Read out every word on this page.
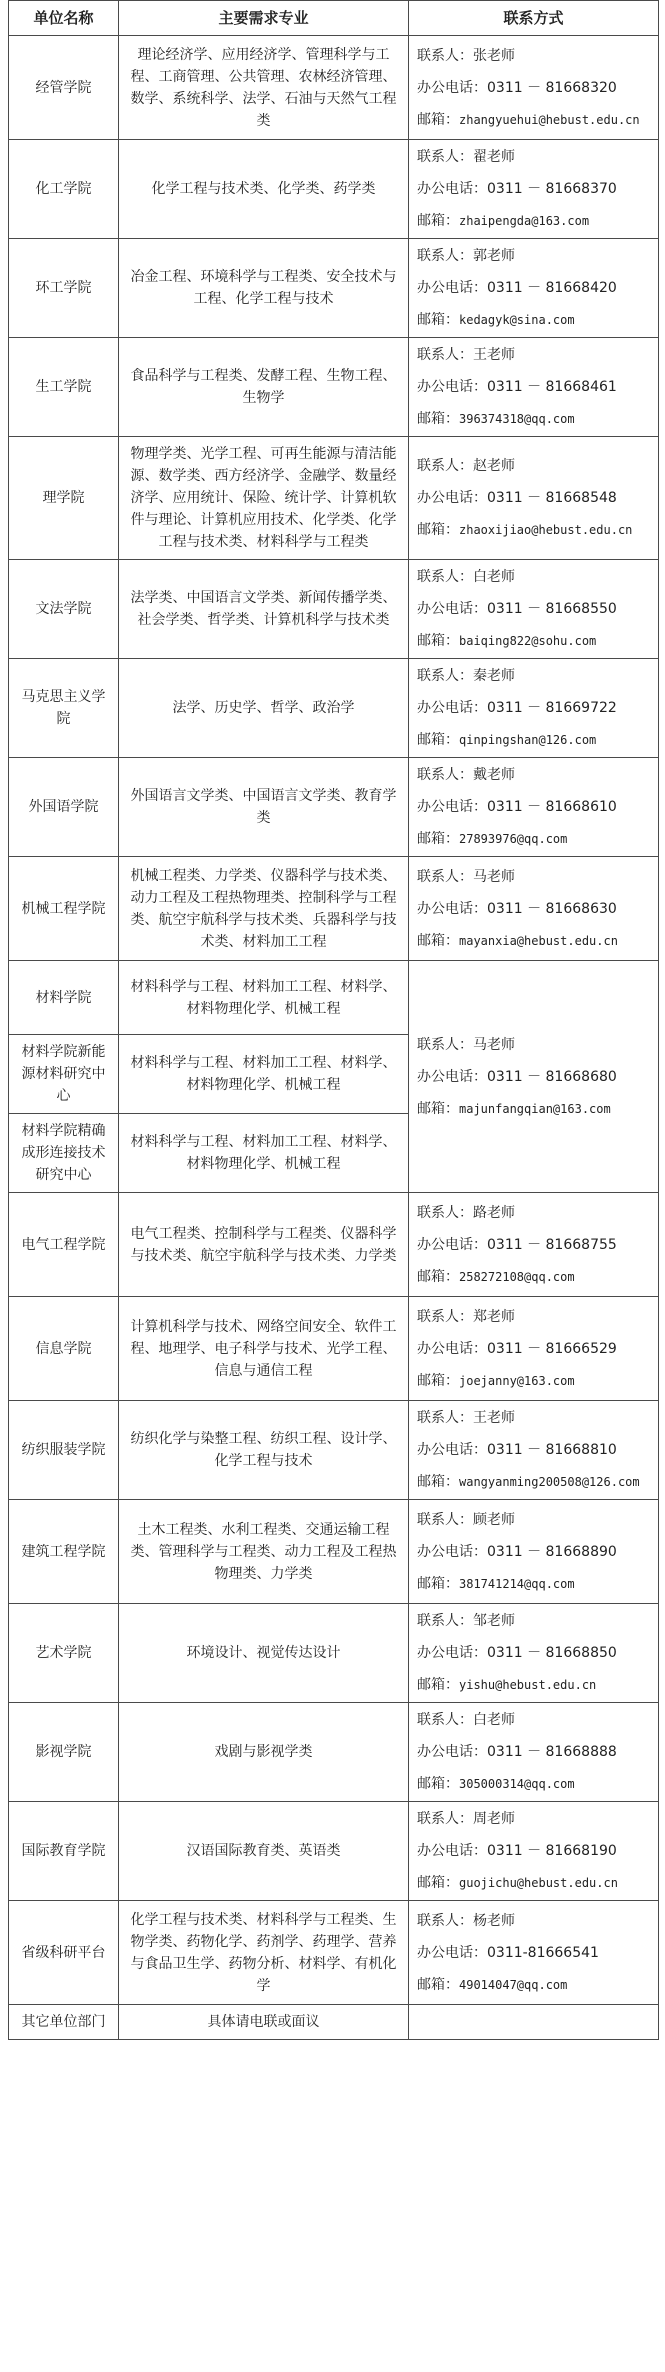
单位名称	主要需求专业	联系方式
经管学院	理论经济学、应用经济学、管理科学与工程、工商管理、公共管理、农林经济管理、数学、系统科学、法学、石油与天然气工程类	联系人：张老师
办公电话：0311 － 81668320
邮箱：zhangyuehui@hebust.edu.cn

化工学院	化学工程与技术类、化学类、药学类	联系人：翟老师
办公电话：0311 － 81668370
邮箱：zhaipengda@163.com

环工学院	冶金工程、环境科学与工程类、安全技术与工程、化学工程与技术	联系人：郭老师
办公电话：0311 － 81668420
邮箱：kedagyk@sina.com

生工学院	食品科学与工程类、发酵工程、生物工程、生物学	联系人：王老师
办公电话：0311 － 81668461
邮箱：396374318@qq.com

理学院	物理学类、光学工程、可再生能源与清洁能源、数学类、西方经济学、金融学、数量经济学、应用统计、保险、统计学、计算机软件与理论、计算机应用技术、化学类、化学工程与技术类、材料科学与工程类	联系人：赵老师
办公电话：0311 － 81668548
邮箱：zhaoxijiao@hebust.edu.cn

文法学院	法学类、中国语言文学类、新闻传播学类、社会学类、哲学类、计算机科学与技术类	联系人：白老师
办公电话：0311 － 81668550
邮箱：baiqing822@sohu.com

马克思主义学院	法学、历史学、哲学、政治学	联系人：秦老师
办公电话：0311 － 81669722
邮箱：qinpingshan@126.com

外国语学院	外国语言文学类、中国语言文学类、教育学类	联系人：戴老师
办公电话：0311 － 81668610
邮箱：27893976@qq.com

机械工程学院	机械工程类、力学类、仪器科学与技术类、动力工程及工程热物理类、控制科学与工程类、航空宇航科学与技术类、兵器科学与技术类、材料加工工程	联系人：马老师
办公电话：0311 － 81668630
邮箱：mayanxia@hebust.edu.cn

材料学院	材料科学与工程、材料加工工程、材料学、材料物理化学、机械工程	联系人：马老师
办公电话：0311 － 81668680
邮箱：majunfangqian@163.com

材料学院新能源材料研究中心	材料科学与工程、材料加工工程、材料学、材料物理化学、机械工程	
材料学院精确成形连接技术研究中心	材料科学与工程、材料加工工程、材料学、材料物理化学、机械工程	
电气工程学院	电气工程类、控制科学与工程类、仪器科学与技术类、航空宇航科学与技术类、力学类	联系人：路老师
办公电话：0311 － 81668755
邮箱：258272108@qq.com

信息学院	计算机科学与技术、网络空间安全、软件工程、地理学、电子科学与技术、光学工程、信息与通信工程	联系人：郑老师
办公电话：0311 － 81666529
邮箱：joejanny@163.com

纺织服装学院	纺织化学与染整工程、纺织工程、设计学、化学工程与技术	联系人：王老师
办公电话：0311 － 81668810
邮箱：wangyanming200508@126.com

建筑工程学院	土木工程类、水利工程类、交通运输工程类、管理科学与工程类、动力工程及工程热物理类、力学类	联系人：顾老师
办公电话：0311 － 81668890
邮箱：381741214@qq.com

艺术学院	环境设计、视觉传达设计	联系人：邹老师
办公电话：0311 － 81668850
邮箱：yishu@hebust.edu.cn

影视学院	戏剧与影视学类	联系人：白老师
办公电话：0311 － 81668888
邮箱：305000314@qq.com

国际教育学院	汉语国际教育类、英语类	联系人：周老师
办公电话：0311 － 81668190
邮箱：guojichu@hebust.edu.cn

省级科研平台	化学工程与技术类、材料科学与工程类、生物学类、药物化学、药剂学、药理学、营养与食品卫生学、药物分析、材料学、有机化学	联系人：杨老师
办公电话：0311-81666541
邮箱：49014047@qq.com

其它单位部门	具体请电联或面议	
